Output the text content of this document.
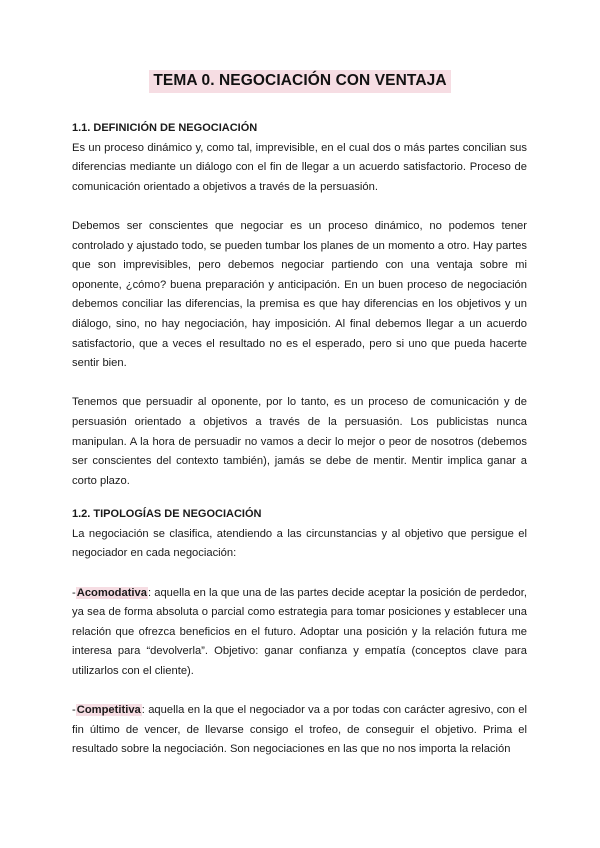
TEMA 0. NEGOCIACIÓN CON VENTAJA

1.1. DEFINICIÓN DE NEGOCIACIÓN

Es un proceso dinámico y, como tal, imprevisible, en el cual dos o más partes concilian sus diferencias mediante un diálogo con el fin de llegar a un acuerdo satisfactorio. Proceso de comunicación orientado a objetivos a través de la persuasión.

Debemos ser conscientes que negociar es un proceso dinámico, no podemos tener controlado y ajustado todo, se pueden tumbar los planes de un momento a otro. Hay partes que son imprevisibles, pero debemos negociar partiendo con una ventaja sobre mi oponente, ¿cómo? buena preparación y anticipación. En un buen proceso de negociación debemos conciliar las diferencias, la premisa es que hay diferencias en los objetivos y un diálogo, sino, no hay negociación, hay imposición. Al final debemos llegar a un acuerdo satisfactorio, que a veces el resultado no es el esperado, pero si uno que pueda hacerte sentir bien.

Tenemos que persuadir al oponente, por lo tanto, es un proceso de comunicación y de persuasión orientado a objetivos a través de la persuasión. Los publicistas nunca manipulan. A la hora de persuadir no vamos a decir lo mejor o peor de nosotros (debemos ser conscientes del contexto también), jamás se debe de mentir. Mentir implica ganar a corto plazo.

1.2. TIPOLOGÍAS DE NEGOCIACIÓN

La negociación se clasifica, atendiendo a las circunstancias y al objetivo que persigue el negociador en cada negociación:

-Acomodativa: aquella en la que una de las partes decide aceptar la posición de perdedor, ya sea de forma absoluta o parcial como estrategia para tomar posiciones y establecer una relación que ofrezca beneficios en el futuro. Adoptar una posición y la relación futura me interesa para “devolverla”. Objetivo: ganar confianza y empatía (conceptos clave para utilizarlos con el cliente).

-Competitiva: aquella en la que el negociador va a por todas con carácter agresivo, con el fin último de vencer, de llevarse consigo el trofeo, de conseguir el objetivo. Prima el resultado sobre la negociación. Son negociaciones en las que no nos importa la relación
